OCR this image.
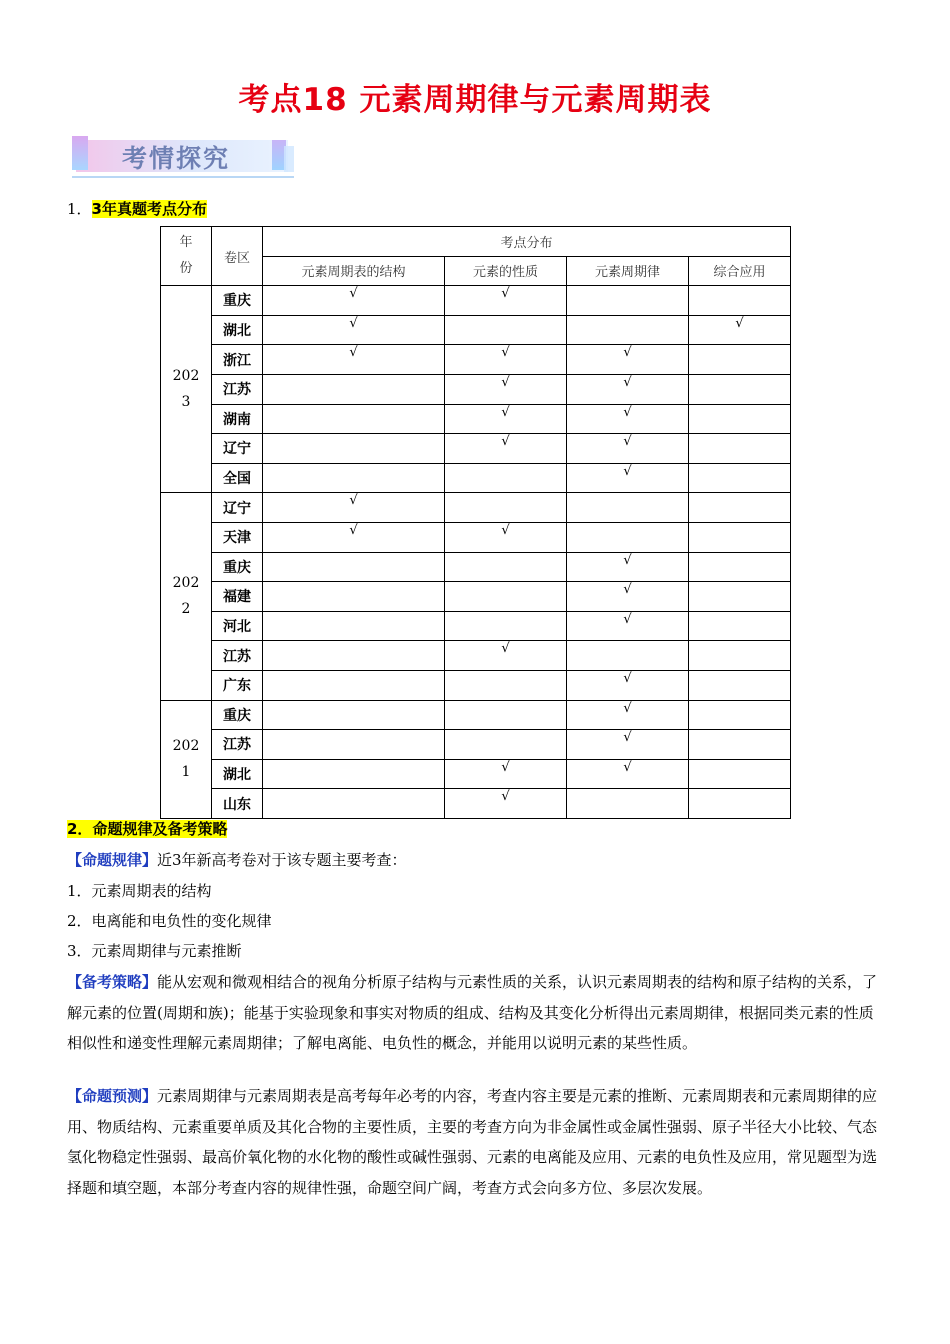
考点18 元素周期律与元素周期表
考情探究
1．3年真题考点分布
年份	卷区	考点分布			
		元素周期表的结构	元素的性质	元素周期律	综合应用

2023	重庆	√	√		
	湖北	√			√
	浙江	√	√	√	
	江苏		√	√	
	湖南		√	√	
	辽宁		√	√	
	全国			√	

2022	辽宁	√			
	天津	√	√		
	重庆			√	
	福建			√	
	河北			√	
	江苏		√		
	广东			√	

2021	重庆			√	
	江苏			√	
	湖北		√	√	
	山东		√		
2．命题规律及备考策略
【命题规律】近3年新高考卷对于该专题主要考查：
1．元素周期表的结构
2．电离能和电负性的变化规律
3．元素周期律与元素推断
【备考策略】能从宏观和微观相结合的视角分析原子结构与元素性质的关系，认识元素周期表的结构和原子结构的关系，了解元素的位置(周期和族)；能基于实验现象和事实对物质的组成、结构及其变化分析得出元素周期律，根据同类元素的性质相似性和递变性理解元素周期律；了解电离能、电负性的概念，并能用以说明元素的某些性质。
【命题预测】元素周期律与元素周期表是高考每年必考的内容，考查内容主要是元素的推断、元素周期表和元素周期律的应用、物质结构、元素重要单质及其化合物的主要性质，主要的考查方向为非金属性或金属性强弱、原子半径大小比较、气态氢化物稳定性强弱、最高价氧化物的水化物的酸性或碱性强弱、元素的电离能及应用、元素的电负性及应用，常见题型为选择题和填空题，本部分考查内容的规律性强，命题空间广阔，考查方式会向多方位、多层次发展。
